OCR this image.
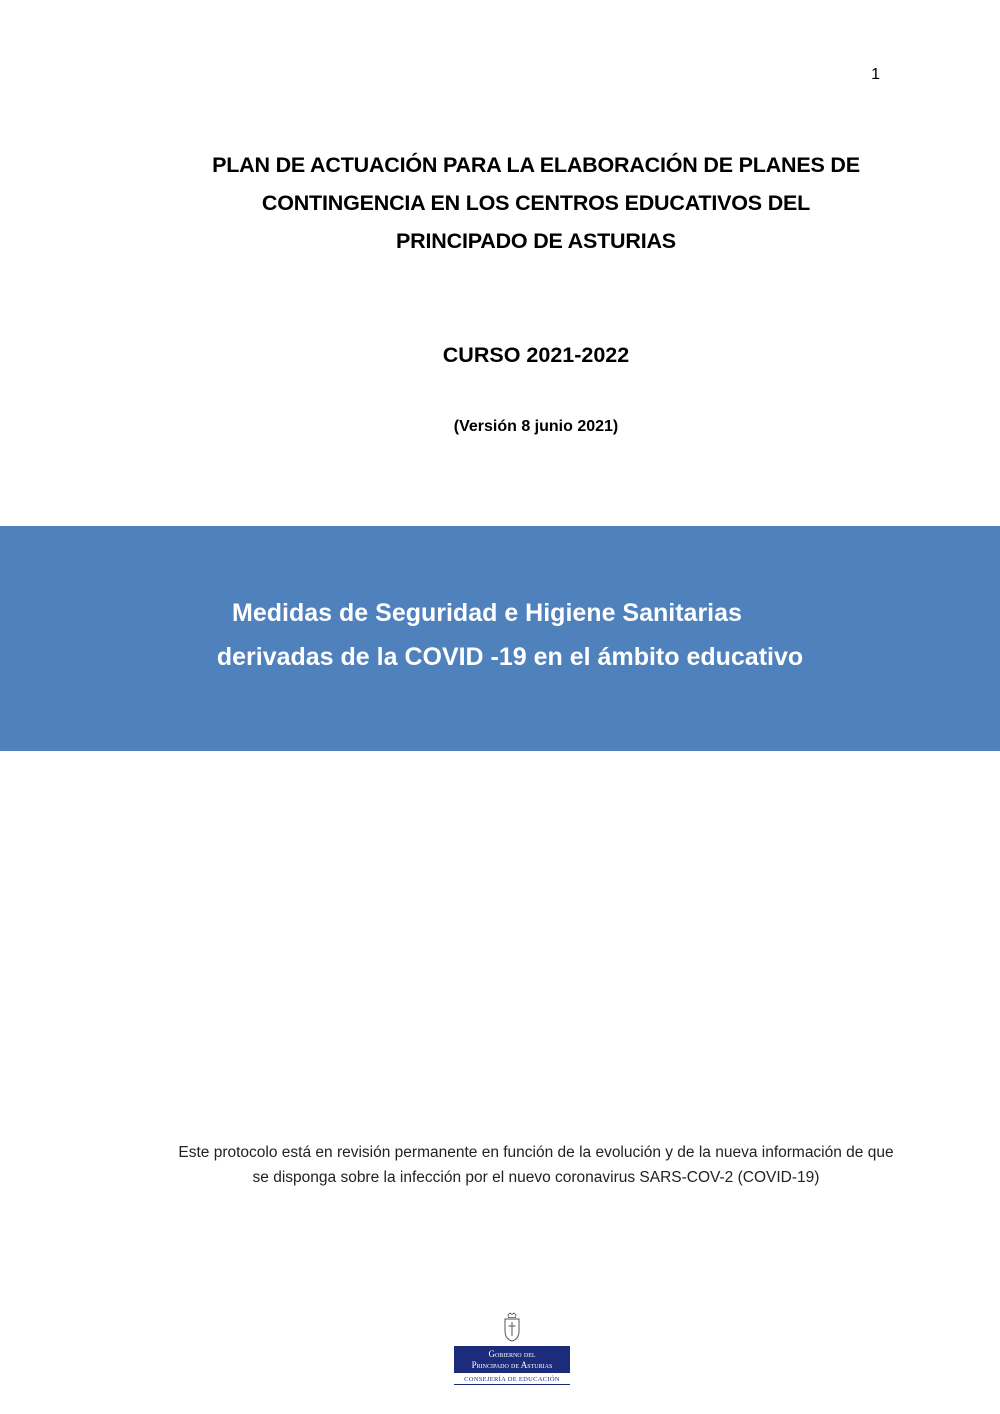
1
PLAN DE ACTUACIÓN PARA LA ELABORACIÓN DE PLANES DE
CONTINGENCIA EN LOS CENTROS EDUCATIVOS DEL
PRINCIPADO DE ASTURIAS
CURSO 2021-2022
(Versión 8 junio 2021)
Medidas de Seguridad e Higiene Sanitarias
derivadas de la COVID -19 en el ámbito educativo
Este protocolo está en revisión permanente en función de la evolución y de la nueva información de que
se disponga sobre la infección por el nuevo coronavirus SARS-COV-2 (COVID-19)
Gobierno del
Principado de Asturias
CONSEJERÍA DE EDUCACIÓN
